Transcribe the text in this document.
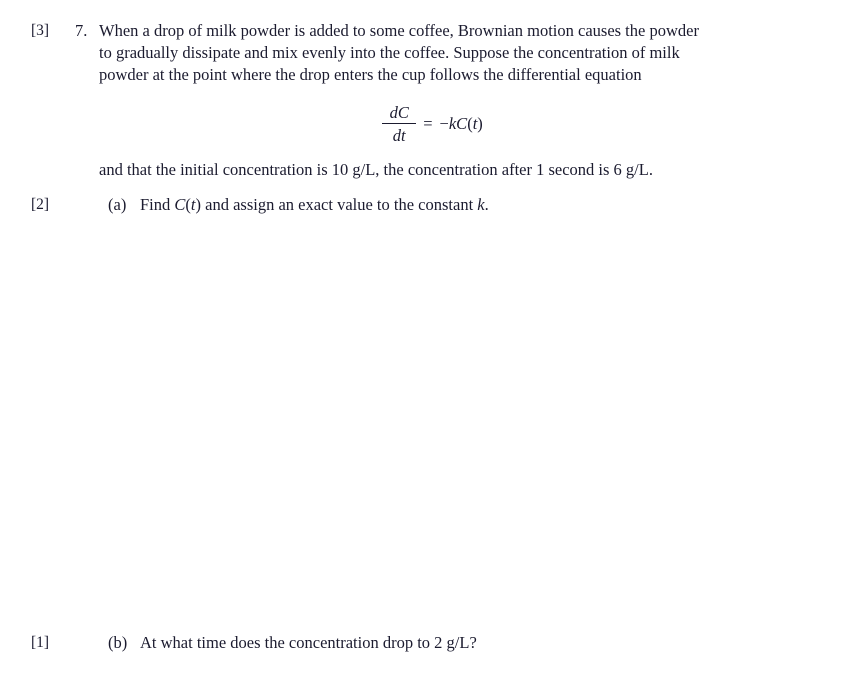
[3] 7. When a drop of milk powder is added to some coffee, Brownian motion causes the powder
to gradually dissipate and mix evenly into the coffee. Suppose the concentration of milk
powder at the point where the drop enters the cup follows the differential equation
$\frac{dC}{dt} = -kC(t)$
and that the initial concentration is 10 g/L, the concentration after 1 second is 6 g/L.
[2]	(a) Find C(t) and assign an exact value to the constant k.
[1]	(b) At what time does the concentration drop to 2 g/L?
